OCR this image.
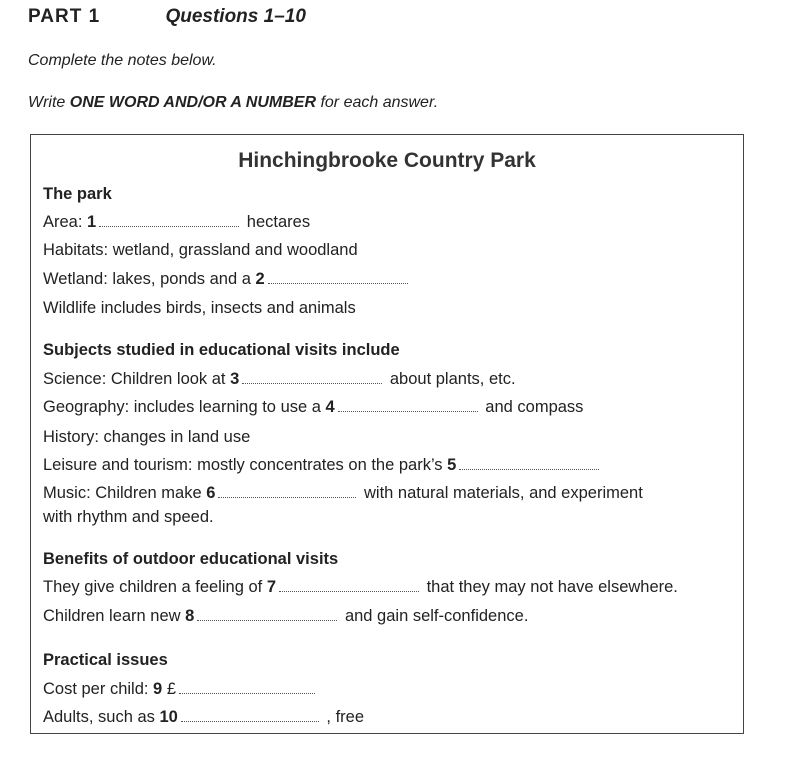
PART 1	Questions 1–10
Complete the notes below.
Write ONE WORD AND/OR A NUMBER for each answer.
Hinchingbrooke Country Park
The park
Area: 1	hectares
Habitats: wetland, grassland and woodland
Wetland: lakes, ponds and a 2
Wildlife includes birds, insects and animals
Subjects studied in educational visits include
Science: Children look at 3	about plants, etc.
Geography: includes learning to use a 4	and compass
History: changes in land use
Leisure and tourism: mostly concentrates on the park’s 5
Music: Children make 6	with natural materials, and experiment
with rhythm and speed.
Benefits of outdoor educational visits
They give children a feeling of 7	that they may not have elsewhere.
Children learn new 8	and gain self-confidence.
Practical issues
Cost per child: 9 £
Adults, such as 10	, free
